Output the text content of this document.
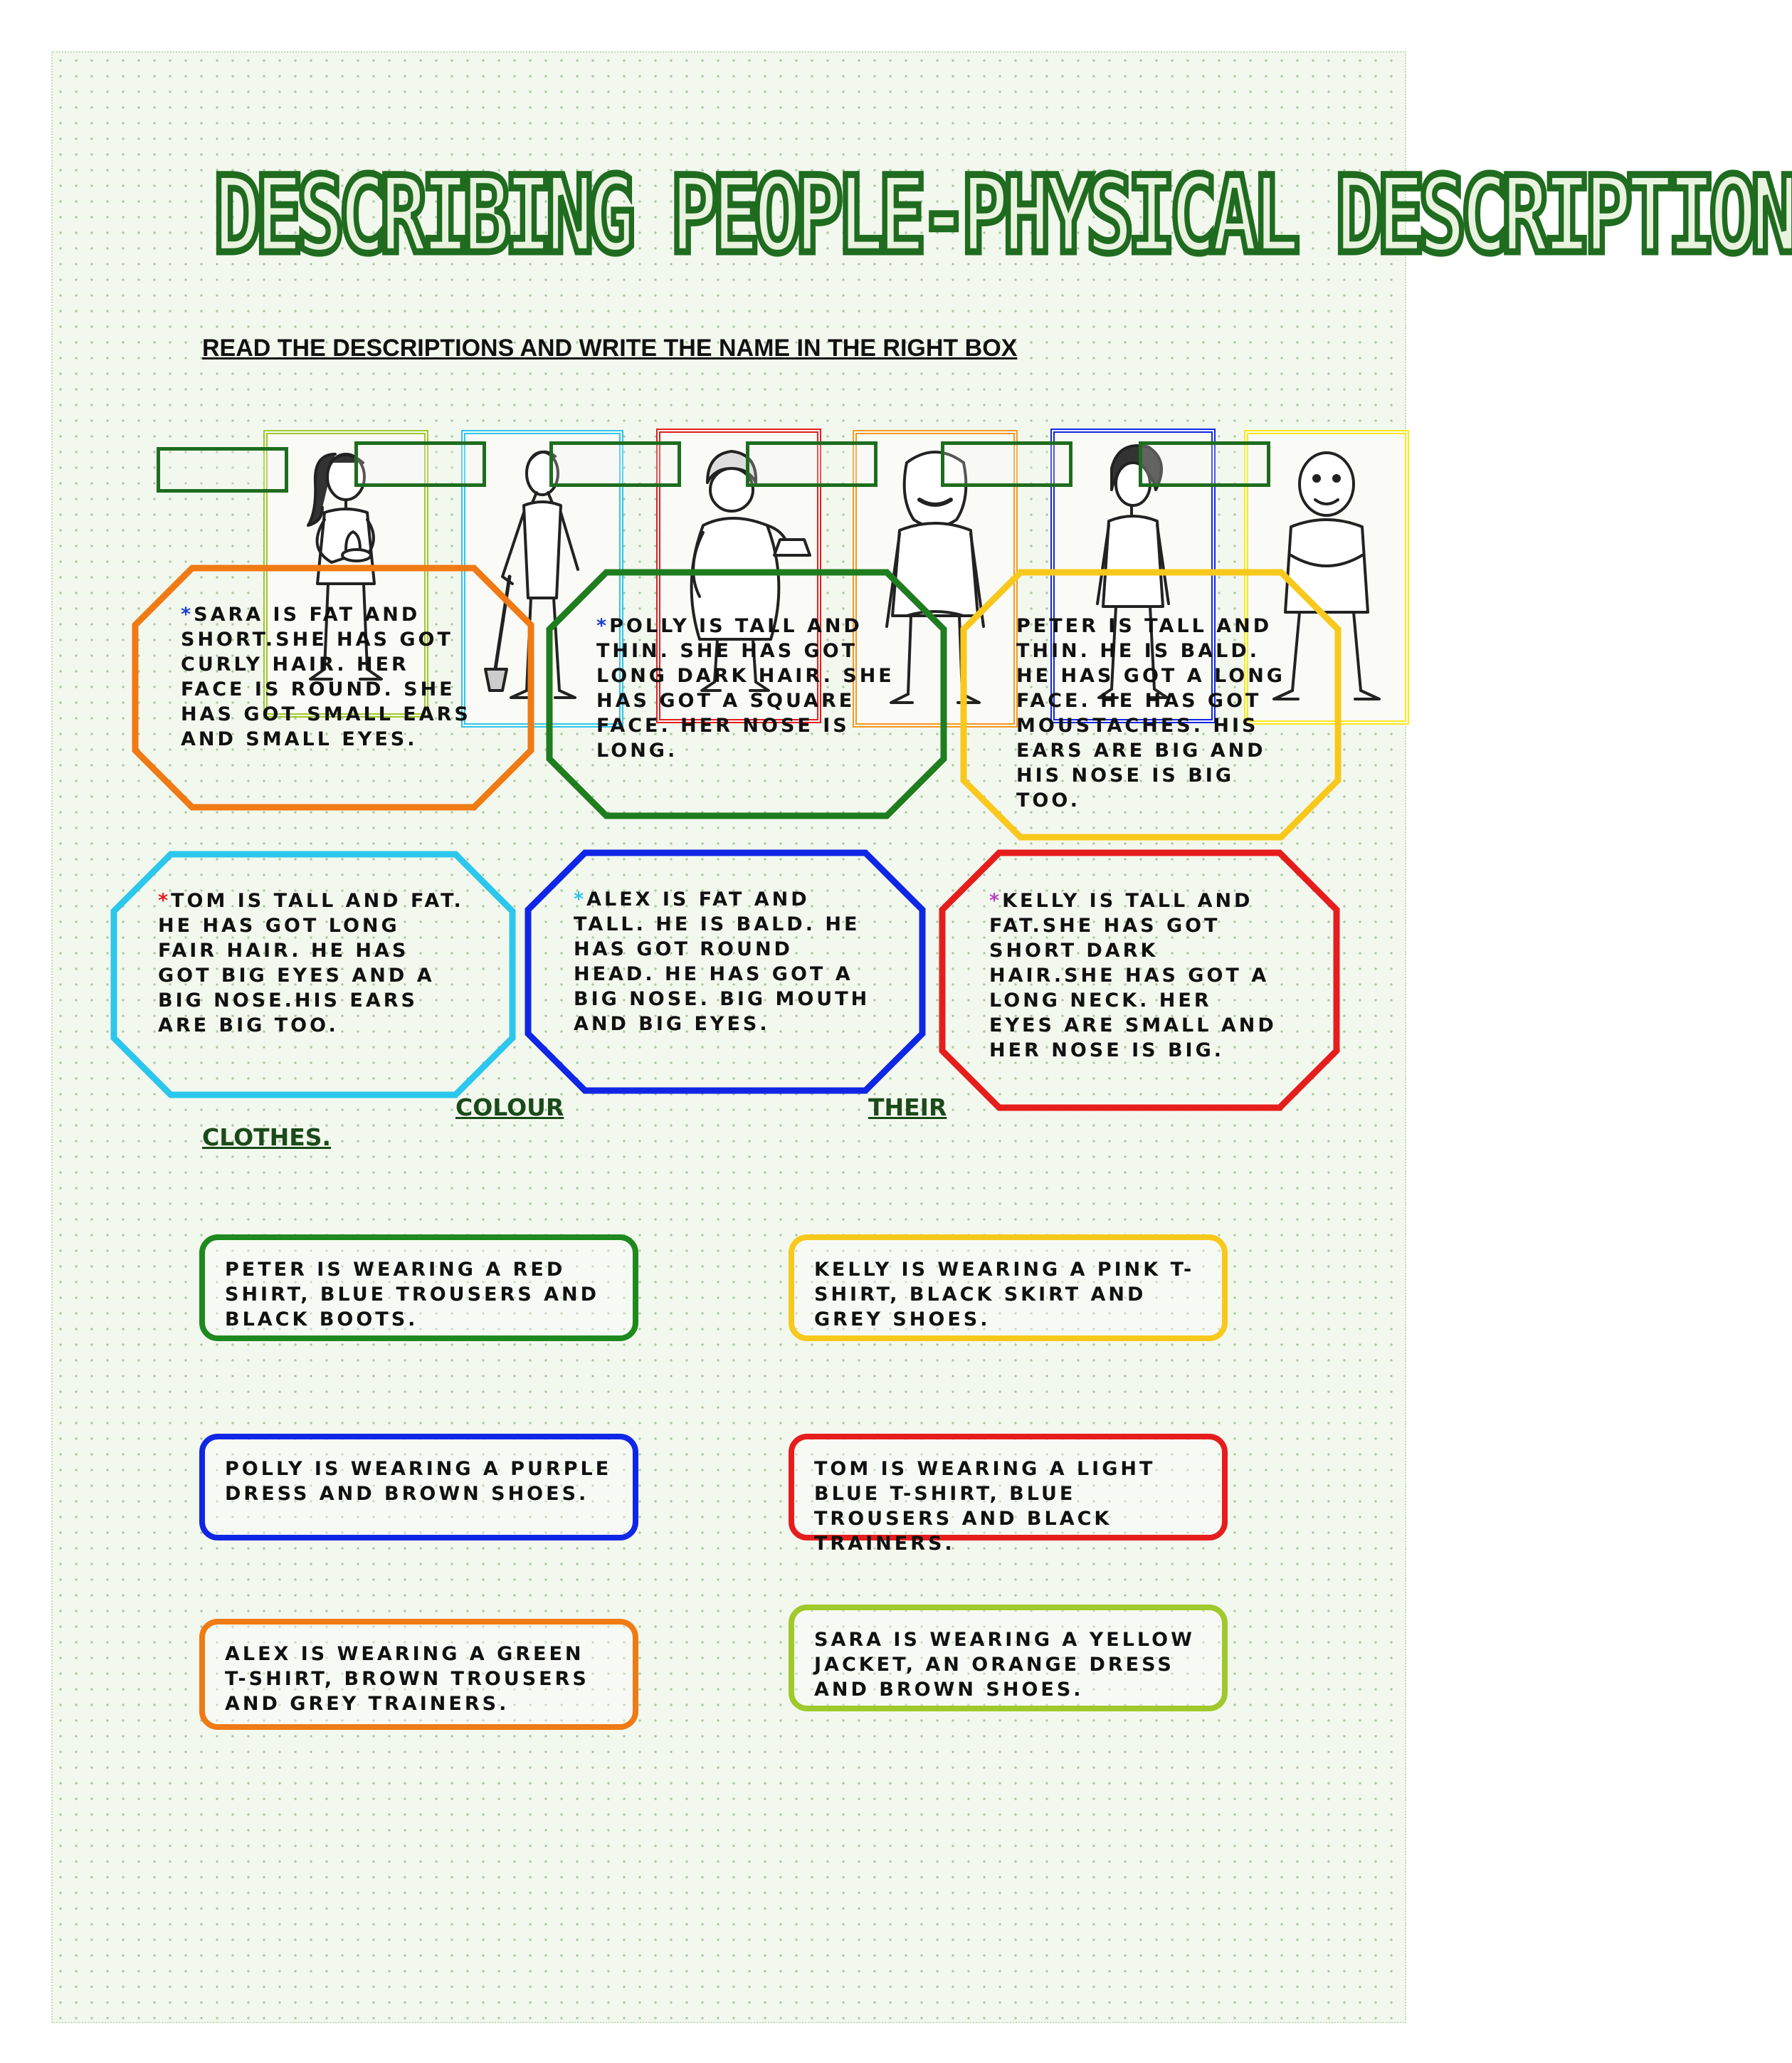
DESCRIBING PEOPLE-PHYSICAL DESCRIPTION

READ THE DESCRIPTIONS AND WRITE THE NAME IN THE RIGHT BOX

*SARA IS FAT AND SHORT.SHE HAS GOT CURLY HAIR. HER FACE IS ROUND. SHE HAS GOT SMALL EARS AND SMALL EYES.

*POLLY IS TALL AND THIN. SHE HAS GOT LONG DARK HAIR. SHE HAS GOT A SQUARE FACE. HER NOSE IS LONG.

PETER IS TALL AND THIN. HE IS BALD. HE HAS GOT A LONG FACE. HE HAS GOT MOUSTACHES. HIS EARS ARE BIG AND HIS NOSE IS BIG TOO.

*TOM IS TALL AND FAT. HE HAS GOT LONG FAIR HAIR. HE HAS GOT BIG EYES AND A BIG NOSE.HIS EARS ARE BIG TOO.

*ALEX IS FAT AND TALL. HE IS BALD. HE HAS GOT ROUND HEAD. HE HAS GOT A BIG NOSE. BIG MOUTH AND BIG EYES.

*KELLY IS TALL AND FAT.SHE HAS GOT SHORT DARK HAIR.SHE HAS GOT A LONG NECK. HER EYES ARE SMALL AND HER NOSE IS BIG.

COLOUR	THEIR

CLOTHES.

PETER IS WEARING A RED SHIRT, BLUE TROUSERS AND BLACK BOOTS.

KELLY IS WEARING A PINK T-SHIRT, BLACK SKIRT AND GREY SHOES.

POLLY IS WEARING A PURPLE DRESS AND BROWN SHOES.

TOM IS WEARING A LIGHT BLUE T-SHIRT, BLUE TROUSERS AND BLACK TRAINERS.

ALEX IS WEARING A GREEN T-SHIRT, BROWN TROUSERS AND GREY TRAINERS.

SARA IS WEARING A YELLOW JACKET, AN ORANGE DRESS AND BROWN SHOES.
